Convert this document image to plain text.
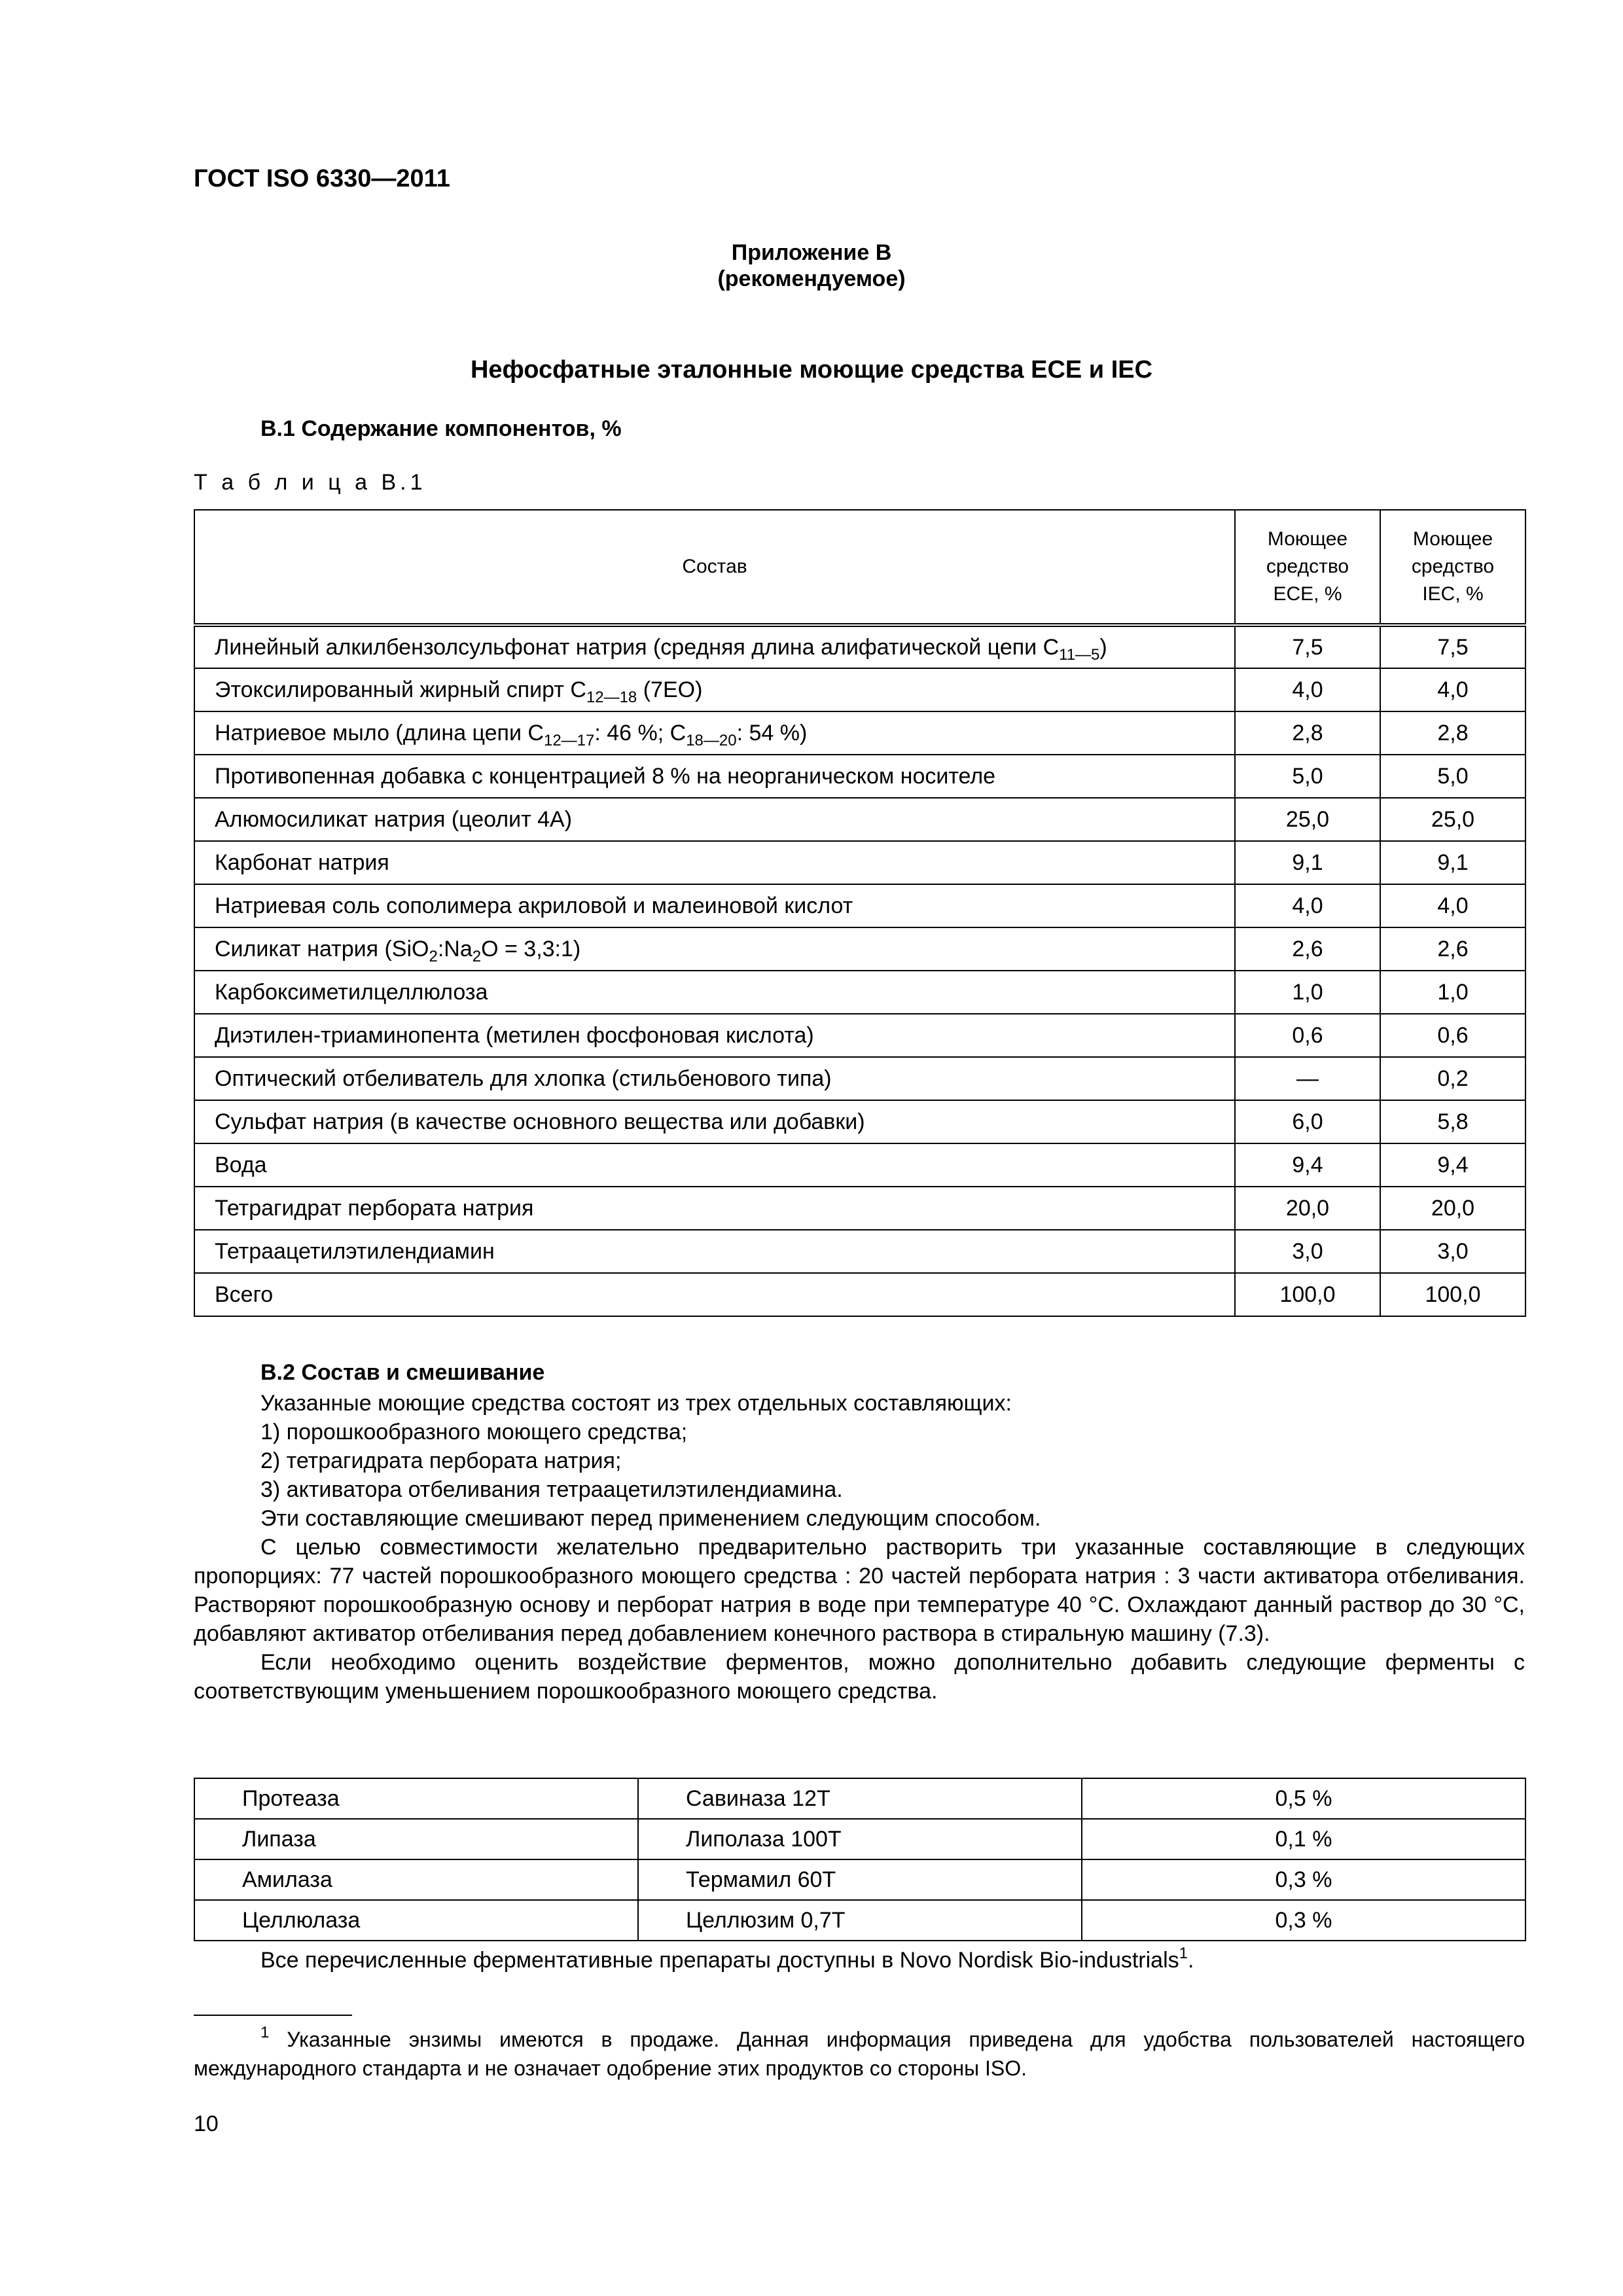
ГОСТ ISO 6330—2011
Приложение В
(рекомендуемое)
Нефосфатные эталонные моющие средства ЕСЕ и IEC
В.1 Содержание компонентов, %
Т а б л и ц а В.1
Состав	Моющее средство ЕСЕ, %	Моющее средство IEC, %
Линейный алкилбензолсульфонат натрия (средняя длина алифатической цепи $C_{11—5}$)	7,5	7,5
Этоксилированный жирный спирт $C_{12—18}$ (7EO)	4,0	4,0
Натриевое мыло (длина цепи $C_{12—17}$: 46 %; $C_{18—20}$: 54 %)	2,8	2,8
Противопенная добавка с концентрацией 8 % на неорганическом носителе	5,0	5,0
Алюмосиликат натрия (цеолит 4А)	25,0	25,0
Карбонат натрия	9,1	9,1
Натриевая соль сополимера акриловой и малеиновой кислот	4,0	4,0
Силикат натрия ($SiO_2:Na_2O$ = 3,3:1)	2,6	2,6
Карбоксиметилцеллюлоза	1,0	1,0
Диэтилен-триаминопента (метилен фосфоновая кислота)	0,6	0,6
Оптический отбеливатель для хлопка (стильбенового типа)	—	0,2
Сульфат натрия (в качестве основного вещества или добавки)	6,0	5,8
Вода	9,4	9,4
Тетрагидрат пербората натрия	20,0	20,0
Тетраацетилэтилендиамин	3,0	3,0
Всего	100,0	100,0
В.2 Состав и смешивание

Указанные моющие средства состоят из трех отдельных составляющих:

1) порошкообразного моющего средства;

2) тетрагидрата пербората натрия;

3) активатора отбеливания тетраацетилэтилендиамина.

Эти составляющие смешивают перед применением следующим способом.

С целью совместимости желательно предварительно растворить три указанные составляющие в следующих пропорциях: 77 частей порошкообразного моющего средства : 20 частей пербората натрия : 3 части активатора отбеливания. Растворяют порошкообразную основу и перборат натрия в воде при температуре 40 °С. Охлаждают данный раствор до 30 °С, добавляют активатор отбеливания перед добавлением конечного раствора в стиральную машину (7.3).

Если необходимо оценить воздействие ферментов, можно дополнительно добавить следующие ферменты с соответствующим уменьшением порошкообразного моющего средства.

Протеаза	Савиназа 12Т	0,5 %
Липаза	Липолаза 100Т	0,1 %
Амилаза	Термамил 60Т	0,3 %
Целлюлаза	Целлюзим 0,7Т	0,3 %
Все перечисленные ферментативные препараты доступны в Novo Nordisk Bio-industrials$^1$.

$^1$ Указанные энзимы имеются в продаже. Данная информация приведена для удобства пользователей настоящего международного стандарта и не означает одобрение этих продуктов со стороны ISO.

10
